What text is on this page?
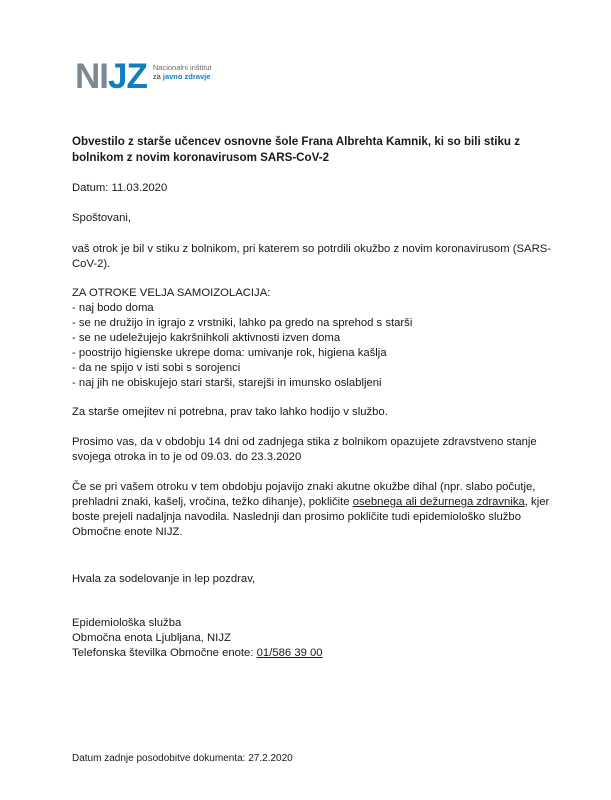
NIJZ Nacionalni inštitut
za javno zdravje
Obvestilo z starše učencev osnovne šole Frana Albrehta Kamnik, ki so bili stiku z bolnikom z novim koronavirusom SARS-CoV-2
Datum: 11.03.2020
Spoštovani,
vaš otrok je bil v stiku z bolnikom, pri katerem so potrdili okužbo z novim koronavirusom (SARS-CoV-2).
ZA OTROKE VELJA SAMOIZOLACIJA:
- naj bodo doma
- se ne družijo in igrajo z vrstniki, lahko pa gredo na sprehod s starši
- se ne udeležujejo kakršnihkoli aktivnosti izven doma
- poostrijo higienske ukrepe doma: umivanje rok, higiena kašlja
- da ne spijo v isti sobi s sorojenci
- naj jih ne obiskujejo stari starši, starejši in imunsko oslabljeni
Za starše omejitev ni potrebna, prav tako lahko hodijo v službo.
Prosimo vas, da v obdobju 14 dni od zadnjega stika z bolnikom opazujete zdravstveno stanje svojega otroka in to je od 09.03. do 23.3.2020
Če se pri vašem otroku v tem obdobju pojavijo znaki akutne okužbe dihal (npr. slabo počutje, prehladni znaki, kašelj, vročina, težko dihanje), pokličite osebnega ali dežurnega zdravnika, kjer boste prejeli nadaljnja navodila. Naslednji dan prosimo pokličite tudi epidemiološko službo Območne enote NIJZ.
Hvala za sodelovanje in lep pozdrav,
Epidemiološka služba
Območna enota Ljubljana, NIJZ
Telefonska številka Območne enote: 01/586 39 00
Datum zadnje posodobitve dokumenta: 27.2.2020
